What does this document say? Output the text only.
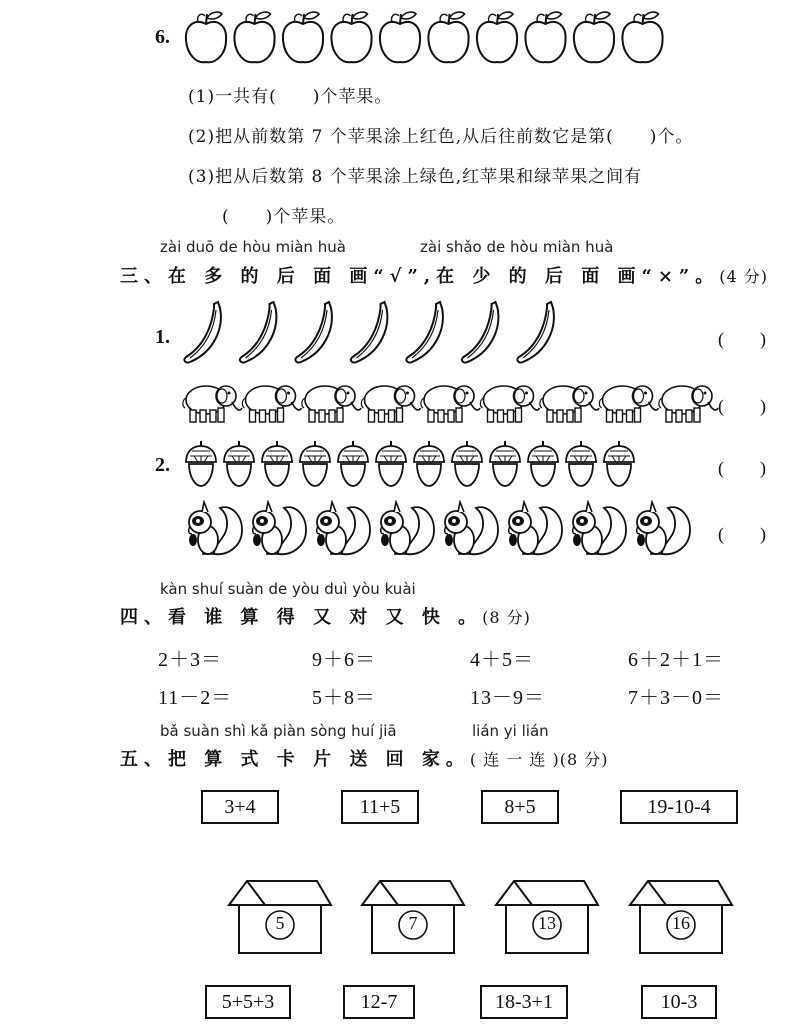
6.
(1)一共有(　　)个苹果。
(2)把从前数第 7 个苹果涂上红色,从后往前数它是第(　　)个。
(3)把从后数第 8 个苹果涂上绿色,红苹果和绿苹果之间有
(　　)个苹果。
zài duō de hòu miàn huà	zài shǎo de hòu miàn huà
三、在 多 的 后 面 画“√”,在 少 的 后 面 画“×”。(4 分)
1.	(　　)
(　　)
2.	(　　)
(　　)
kàn shuí suàn de yòu duì yòu kuài
四、看 谁 算 得 又 对 又 快 。(8 分)
2＋3＝	9＋6＝	4＋5＝	6＋2＋1＝
11－2＝	5＋8＝	13－9＝	7＋3－0＝
bǎ suàn shì kǎ piàn sòng huí jiā	lián yi lián
五、把 算 式 卡 片 送 回 家。( 连 一 连 )(8 分)
3+4	11+5	8+5	19-10-4
5	7	13	16
5+5+3	12-7	18-3+1	10-3
